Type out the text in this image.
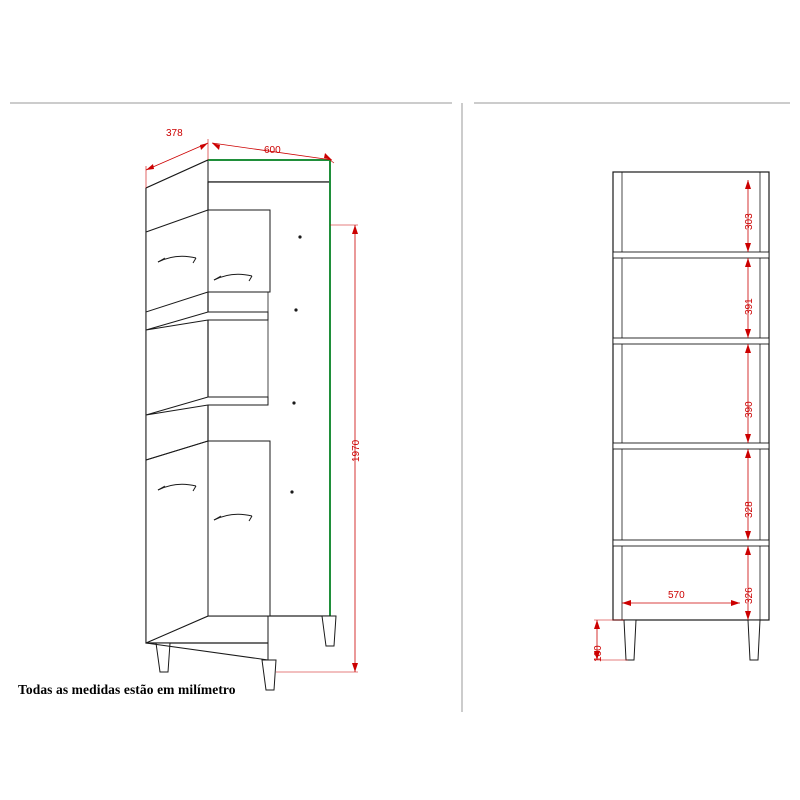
378
600
1970
303
391
390
328
326
570
160
Todas as medidas estão em milímetro
